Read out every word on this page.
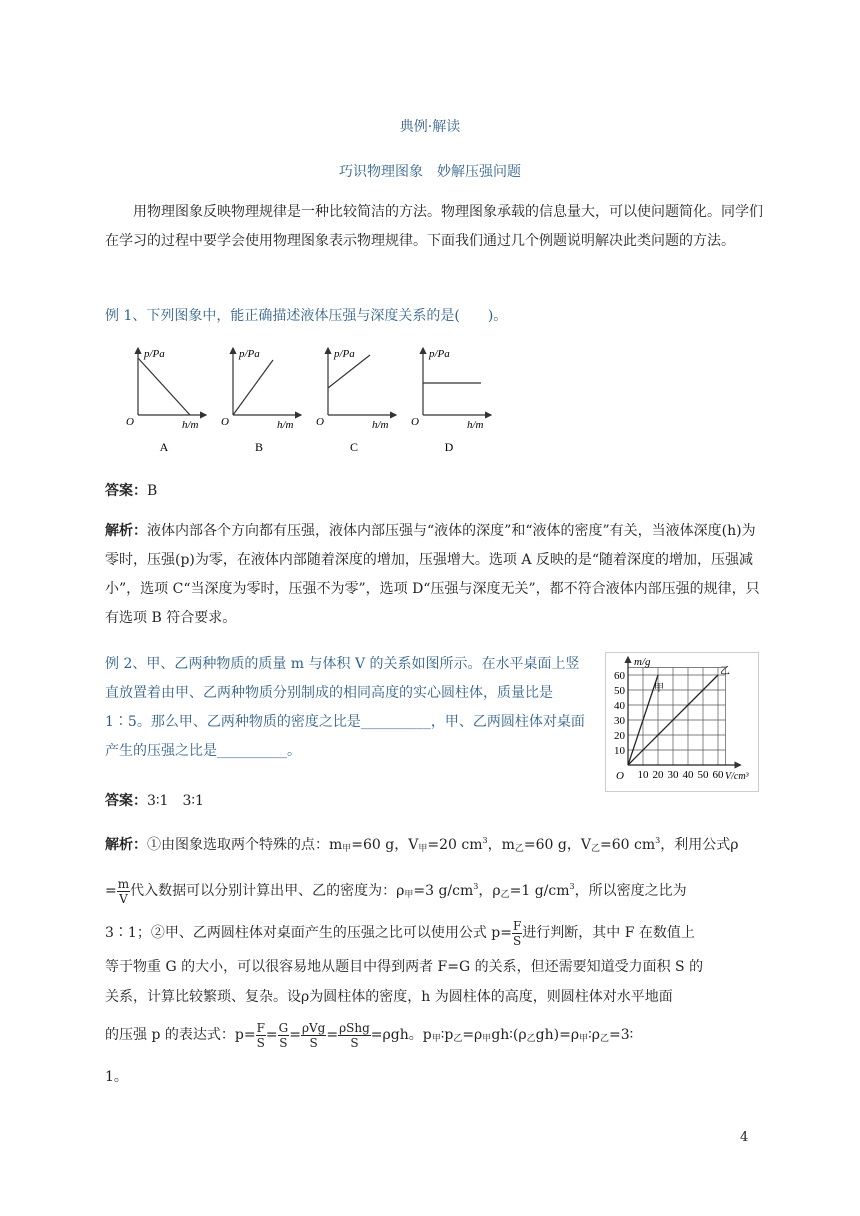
典例·解读
巧识物理图象　妙解压强问题
用物理图象反映物理规律是一种比较简洁的方法。物理图象承载的信息量大，可以使问题简化。同学们在学习的过程中要学会使用物理图象表示物理规律。下面我们通过几个例题说明解决此类问题的方法。
例 1、下列图象中，能正确描述液体压强与深度关系的是(　　)。
p/Pa
h/m
O
A
p/Pa
h/m
O
B
p/Pa
h/m
O
C
p/Pa
h/m
O
D
答案：B
解析：液体内部各个方向都有压强，液体内部压强与“液体的深度”和“液体的密度”有关，当液体深度(h)为零时，压强(p)为零，在液体内部随着深度的增加，压强增大。选项 A 反映的是“随着深度的增加，压强减小”，选项 C“当深度为零时，压强不为零”，选项 D“压强与深度无关”，都不符合液体内部压强的规律，只有选项 B 符合要求。
例 2、甲、乙两种物质的质量 m 与体积 V 的关系如图所示。在水平桌面上竖直放置着由甲、乙两种物质分别制成的相同高度的实心圆柱体，质量比是 1∶5。那么甲、乙两种物质的密度之比是__________，甲、乙两圆柱体对桌面产生的压强之比是__________。
10 20 30 40 50 60
10
20
30
40
50
60
O
m/g
V/cm³
甲
乙
答案：3∶1　3∶1
解析：①由图象选取两个特殊的点：$m_甲=60$ g，$V_甲=20$ $cm^3$，$m_乙=60$ g，$V_乙=60$ $cm^3$，利用公式ρ
= $\frac{m}{V}$ 代入数据可以分别计算出甲、乙的密度为：$\rho_甲=3$ $g/cm^3$，$\rho_乙=1$ $g/cm^3$，所以密度之比为
3∶1；②甲、乙两圆柱体对桌面产生的压强之比可以使用公式 $p= \frac{F}{S}$ 进行判断，其中 F 在数值上
等于物重 G 的大小，可以很容易地从题目中得到两者 F=G 的关系，但还需要知道受力面积 S 的
关系，计算比较繁琐、复杂。设ρ为圆柱体的密度，h 为圆柱体的高度，则圆柱体对水平地面
的压强 p 的表达式：$p= \frac{F}{S} = \frac{G}{S} = \frac{\text{ρVg}}{S} = \frac{\text{ρShg}}{S} =\rho gh$。$p_甲∶p_乙=\rho_甲gh∶(\rho_乙gh)=\rho_甲∶\rho_乙=3∶$
1。
4
